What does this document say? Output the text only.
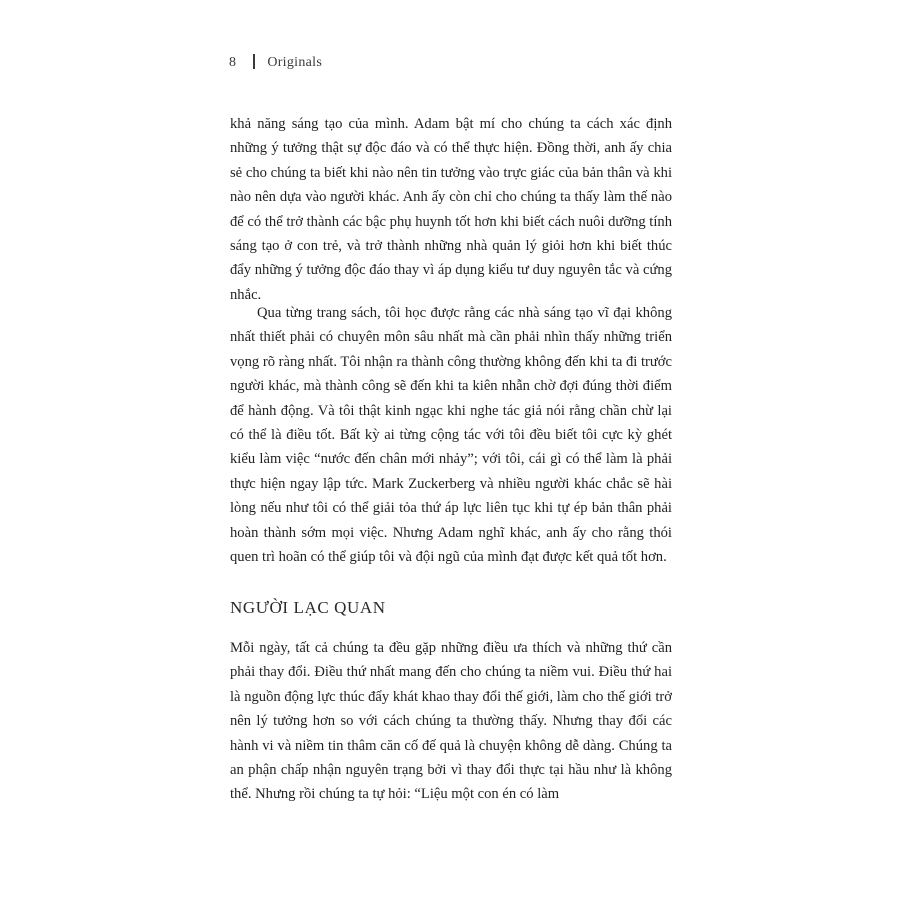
8 Originals

khả năng sáng tạo của mình. Adam bật mí cho chúng ta cách xác định những ý tưởng thật sự độc đáo và có thể thực hiện. Đồng thời, anh ấy chia sẻ cho chúng ta biết khi nào nên tin tưởng vào trực giác của bản thân và khi nào nên dựa vào người khác. Anh ấy còn chỉ cho chúng ta thấy làm thế nào để có thể trở thành các bậc phụ huynh tốt hơn khi biết cách nuôi dưỡng tính sáng tạo ở con trẻ, và trở thành những nhà quản lý giỏi hơn khi biết thúc đẩy những ý tưởng độc đáo thay vì áp dụng kiểu tư duy nguyên tắc và cứng nhắc.

Qua từng trang sách, tôi học được rằng các nhà sáng tạo vĩ đại không nhất thiết phải có chuyên môn sâu nhất mà cần phải nhìn thấy những triển vọng rõ ràng nhất. Tôi nhận ra thành công thường không đến khi ta đi trước người khác, mà thành công sẽ đến khi ta kiên nhẫn chờ đợi đúng thời điểm để hành động. Và tôi thật kinh ngạc khi nghe tác giả nói rằng chần chừ lại có thể là điều tốt. Bất kỳ ai từng cộng tác với tôi đều biết tôi cực kỳ ghét kiểu làm việc “nước đến chân mới nhảy”; với tôi, cái gì có thể làm là phải thực hiện ngay lập tức. Mark Zuckerberg và nhiều người khác chắc sẽ hài lòng nếu như tôi có thể giải tỏa thứ áp lực liên tục khi tự ép bản thân phải hoàn thành sớm mọi việc. Nhưng Adam nghĩ khác, anh ấy cho rằng thói quen trì hoãn có thể giúp tôi và đội ngũ của mình đạt được kết quả tốt hơn.

NGƯỜI LẠC QUAN

Mỗi ngày, tất cả chúng ta đều gặp những điều ưa thích và những thứ cần phải thay đổi. Điều thứ nhất mang đến cho chúng ta niềm vui. Điều thứ hai là nguồn động lực thúc đẩy khát khao thay đổi thế giới, làm cho thế giới trở nên lý tưởng hơn so với cách chúng ta thường thấy. Nhưng thay đổi các hành vi và niềm tin thâm căn cố đế quả là chuyện không dễ dàng. Chúng ta an phận chấp nhận nguyên trạng bởi vì thay đổi thực tại hầu như là không thể. Nhưng rồi chúng ta tự hỏi: “Liệu một con én có làm
